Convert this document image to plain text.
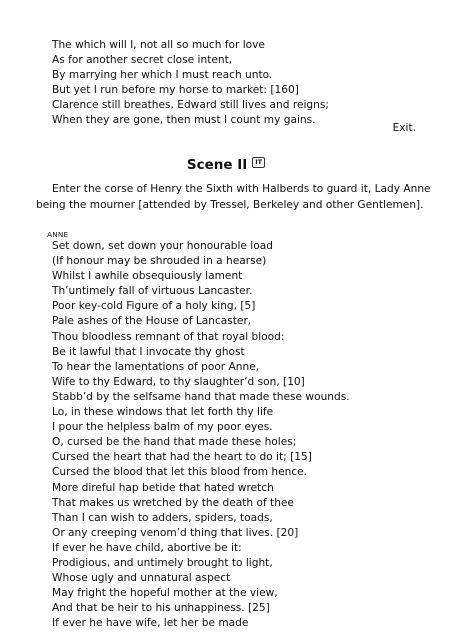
The which will I, not all so much for love
As for another secret close intent,
By marrying her which I must reach unto.
But yet I run before my horse to market: [160]
Clarence still breathes, Edward still lives and reigns;
When they are gone, then must I count my gains.
Exit.
Scene II IT
Enter the corse of Henry the Sixth with Halberds to guard it, Lady Anne
being the mourner [attended by Tressel, Berkeley and other Gentlemen].
ANNE
Set down, set down your honourable load
(If honour may be shrouded in a hearse)
Whilst I awhile obsequiously lament
Th’untimely fall of virtuous Lancaster.
Poor key-cold Figure of a holy king, [5]
Pale ashes of the House of Lancaster,
Thou bloodless remnant of that royal blood:
Be it lawful that I invocate thy ghost
To hear the lamentations of poor Anne,
Wife to thy Edward, to thy slaughter’d son, [10]
Stabb’d by the selfsame hand that made these wounds.
Lo, in these windows that let forth thy life
I pour the helpless balm of my poor eyes.
O, cursed be the hand that made these holes;
Cursed the heart that had the heart to do it; [15]
Cursed the blood that let this blood from hence.
More direful hap betide that hated wretch
That makes us wretched by the death of thee
Than I can wish to adders, spiders, toads,
Or any creeping venom’d thing that lives. [20]
If ever he have child, abortive be it:
Prodigious, and untimely brought to light,
Whose ugly and unnatural aspect
May fright the hopeful mother at the view,
And that be heir to his unhappiness. [25]
If ever he have wife, let her be made
